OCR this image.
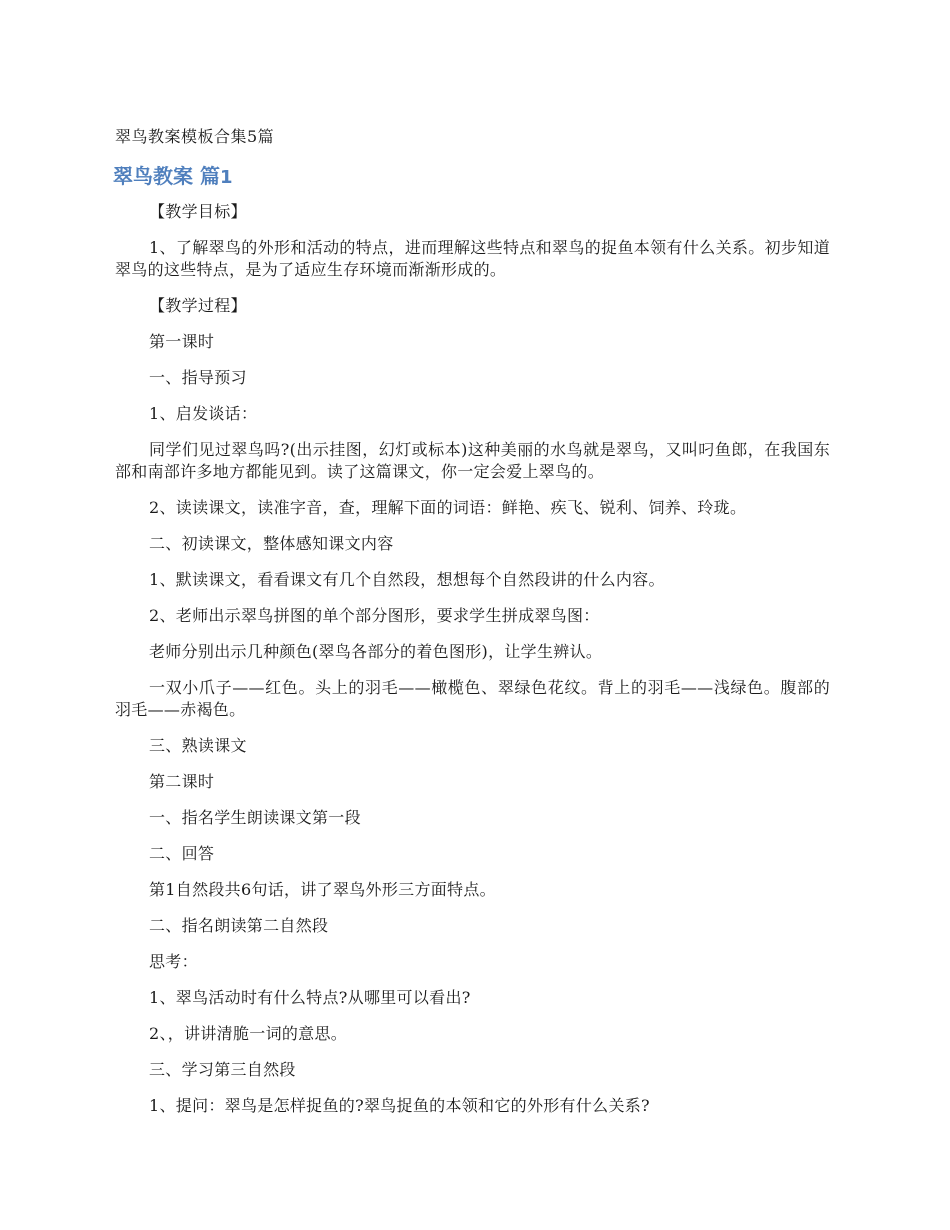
翠鸟教案模板合集5篇
翠鸟教案 篇1

【教学目标】

1、了解翠鸟的外形和活动的特点，进而理解这些特点和翠鸟的捉鱼本领有什么关系。初步知道翠鸟的这些特点，是为了适应生存环境而渐渐形成的。

【教学过程】

第一课时

一、指导预习

1、启发谈话：

同学们见过翠鸟吗?(出示挂图，幻灯或标本)这种美丽的水鸟就是翠鸟，又叫叼鱼郎，在我国东部和南部许多地方都能见到。读了这篇课文，你一定会爱上翠鸟的。

2、读读课文，读准字音，查，理解下面的词语：鲜艳、疾飞、锐利、饲养、玲珑。

二、初读课文，整体感知课文内容

1、默读课文，看看课文有几个自然段，想想每个自然段讲的什么内容。

2、老师出示翠鸟拼图的单个部分图形，要求学生拼成翠鸟图：

老师分别出示几种颜色(翠鸟各部分的着色图形)，让学生辨认。

一双小爪子——红色。头上的羽毛——橄榄色、翠绿色花纹。背上的羽毛——浅绿色。腹部的羽毛——赤褐色。

三、熟读课文

第二课时

一、指名学生朗读课文第一段

二、回答

第1自然段共6句话，讲了翠鸟外形三方面特点。

二、指名朗读第二自然段

思考：

1、翠鸟活动时有什么特点?从哪里可以看出?

2、，讲讲清脆一词的意思。

三、学习第三自然段

1、提问：翠鸟是怎样捉鱼的?翠鸟捉鱼的本领和它的外形有什么关系?
